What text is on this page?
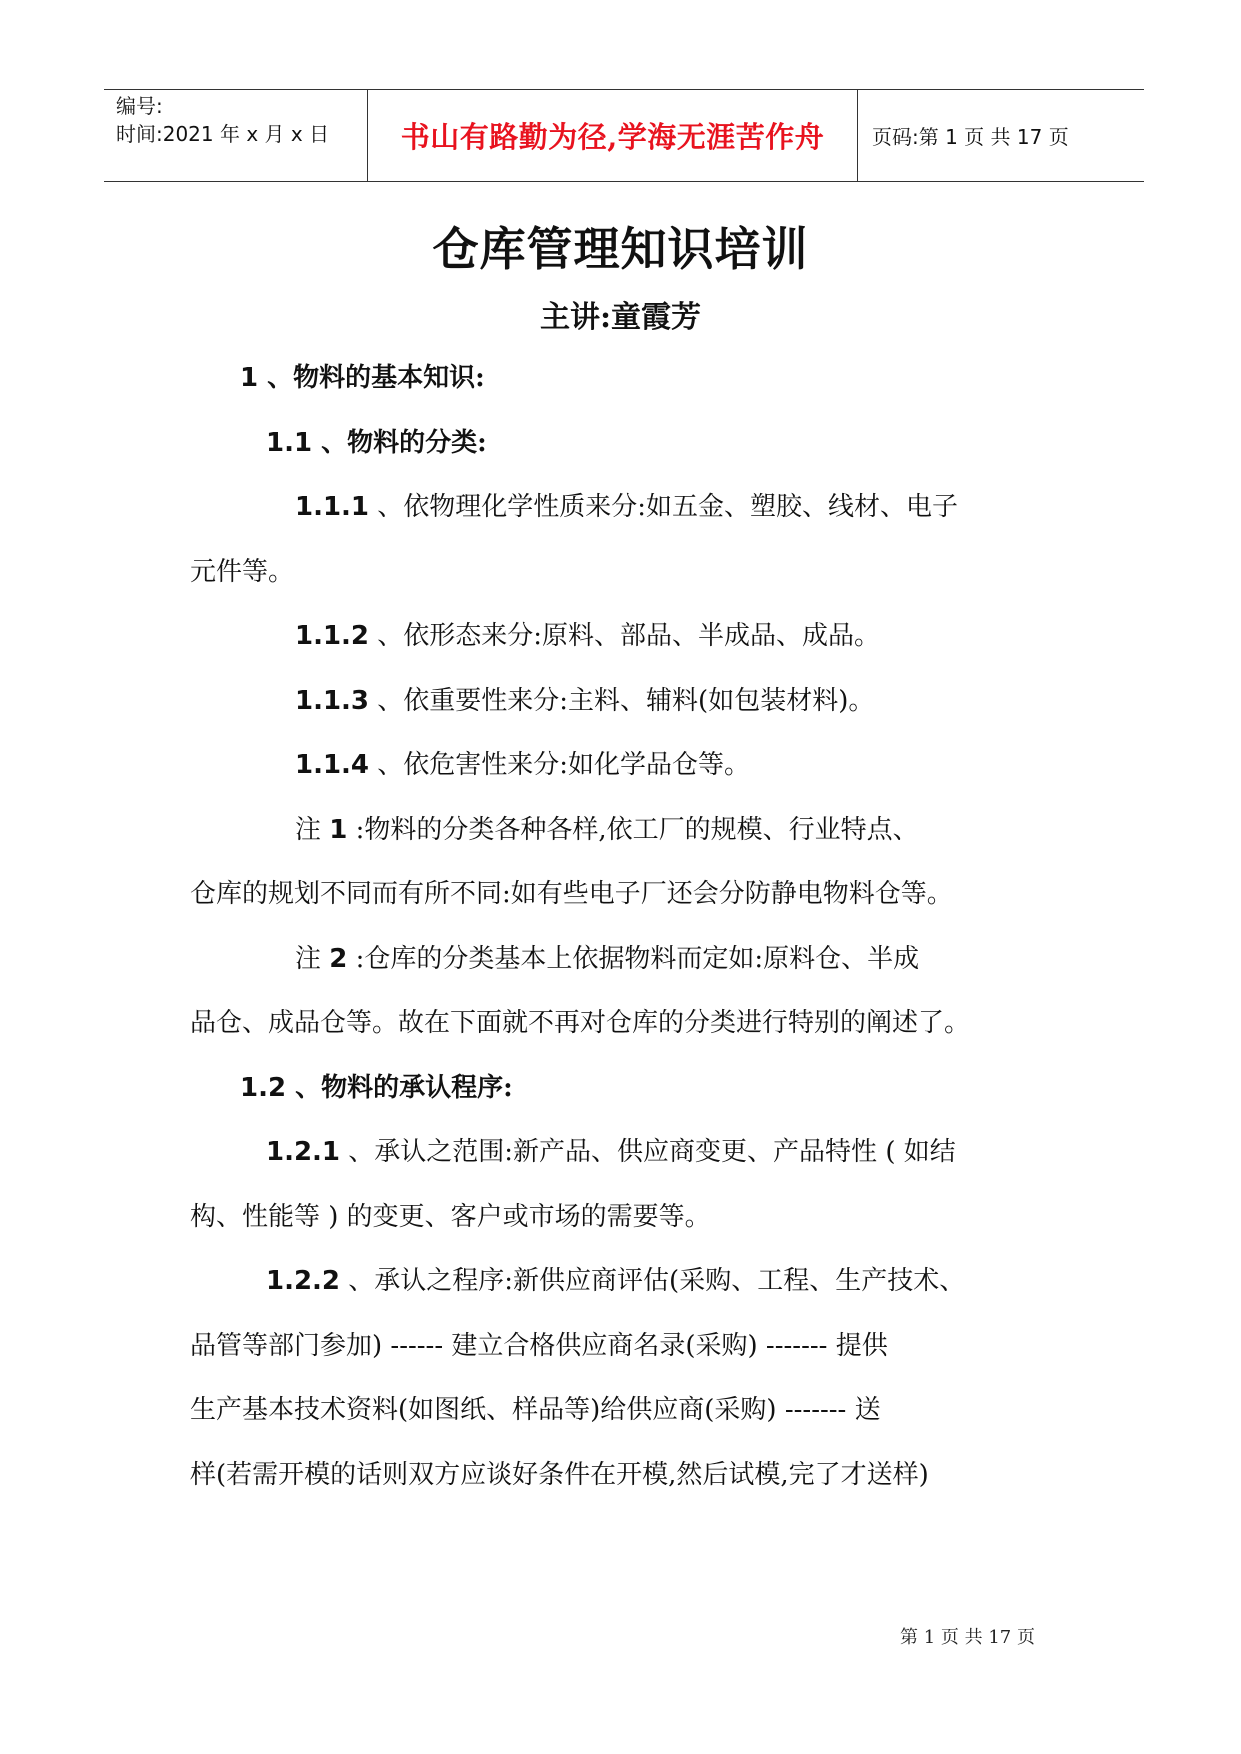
编号:
时间:2021 年 x 月 x 日	书山有路勤为径,学海无涯苦作舟	页码:第 1 页 共 17 页
仓库管理知识培训
主讲:童霞芳

1 、物料的基本知识:

1.1 、物料的分类:

1.1.1 、依物理化学性质来分:如五金、塑胶、线材、电子

元件等。

1.1.2 、依形态来分:原料、部品、半成品、成品。

1.1.3 、依重要性来分:主料、辅料(如包装材料)。

1.1.4 、依危害性来分:如化学品仓等。

注 1 :物料的分类各种各样,依工厂的规模、行业特点、

仓库的规划不同而有所不同:如有些电子厂还会分防静电物料仓等。

注 2 :仓库的分类基本上依据物料而定如:原料仓、半成

品仓、成品仓等。故在下面就不再对仓库的分类进行特别的阐述了。

1.2 、物料的承认程序:

1.2.1 、承认之范围:新产品、供应商变更、产品特性 ( 如结

构、性能等 ) 的变更、客户或市场的需要等。

1.2.2 、承认之程序:新供应商评估(采购、工程、生产技术、

品管等部门参加) ------ 建立合格供应商名录(采购) ------- 提供

生产基本技术资料(如图纸、样品等)给供应商(采购) ------- 送

样(若需开模的话则双方应谈好条件在开模,然后试模,完了才送样)

第 1 页 共 17 页
